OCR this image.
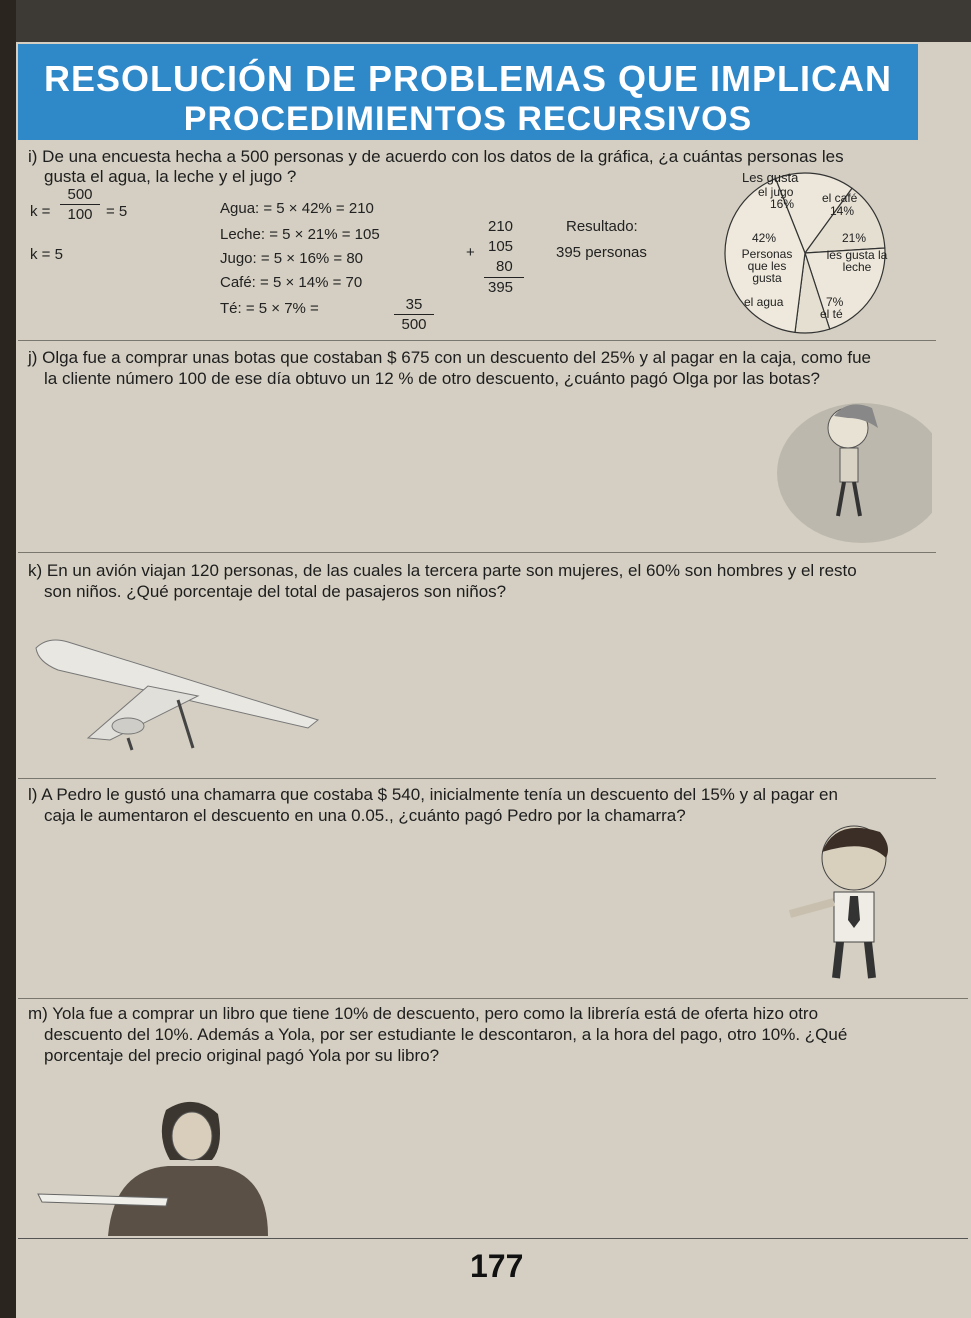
RESOLUCIÓN DE PROBLEMAS QUE IMPLICAN
PROCEDIMIENTOS RECURSIVOS
i) De una encuesta hecha a 500 personas y de acuerdo con los datos de la gráfica, ¿a cuántas personas les
gusta el agua, la leche y el jugo ?
k =
500
100 = 5
k = 5
Agua: = 5 × 42% = 210
Leche: = 5 × 21% = 105
Jugo: = 5 × 16% = 80
Café: = 5 × 14% = 70
Té: = 5 × 7% =	35
500
210
+ 105
80
395
Resultado:
395 personas
Les gusta
el jugo
16% el café
14%
21%
les gusta la leche
42%
Personas que les gusta
el agua	7%
el té
j) Olga fue a comprar unas botas que costaban $ 675 con un descuento del 25% y al pagar en la caja, como fue
la cliente número 100 de ese día obtuvo un 12 % de otro descuento, ¿cuánto pagó Olga por las botas?
k) En un avión viajan 120 personas, de las cuales la tercera parte son mujeres, el 60% son hombres y el resto
son niños. ¿Qué porcentaje del total de pasajeros son niños?
l) A Pedro le gustó una chamarra que costaba $ 540, inicialmente tenía un descuento del 15% y al pagar en
caja le aumentaron el descuento en una 0.05., ¿cuánto pagó Pedro por la chamarra?
m) Yola fue a comprar un libro que tiene 10% de descuento, pero como la librería está de oferta hizo otro
descuento del 10%. Además a Yola, por ser estudiante le descontaron, a la hora del pago, otro 10%. ¿Qué
porcentaje del precio original pagó Yola por su libro?
177
